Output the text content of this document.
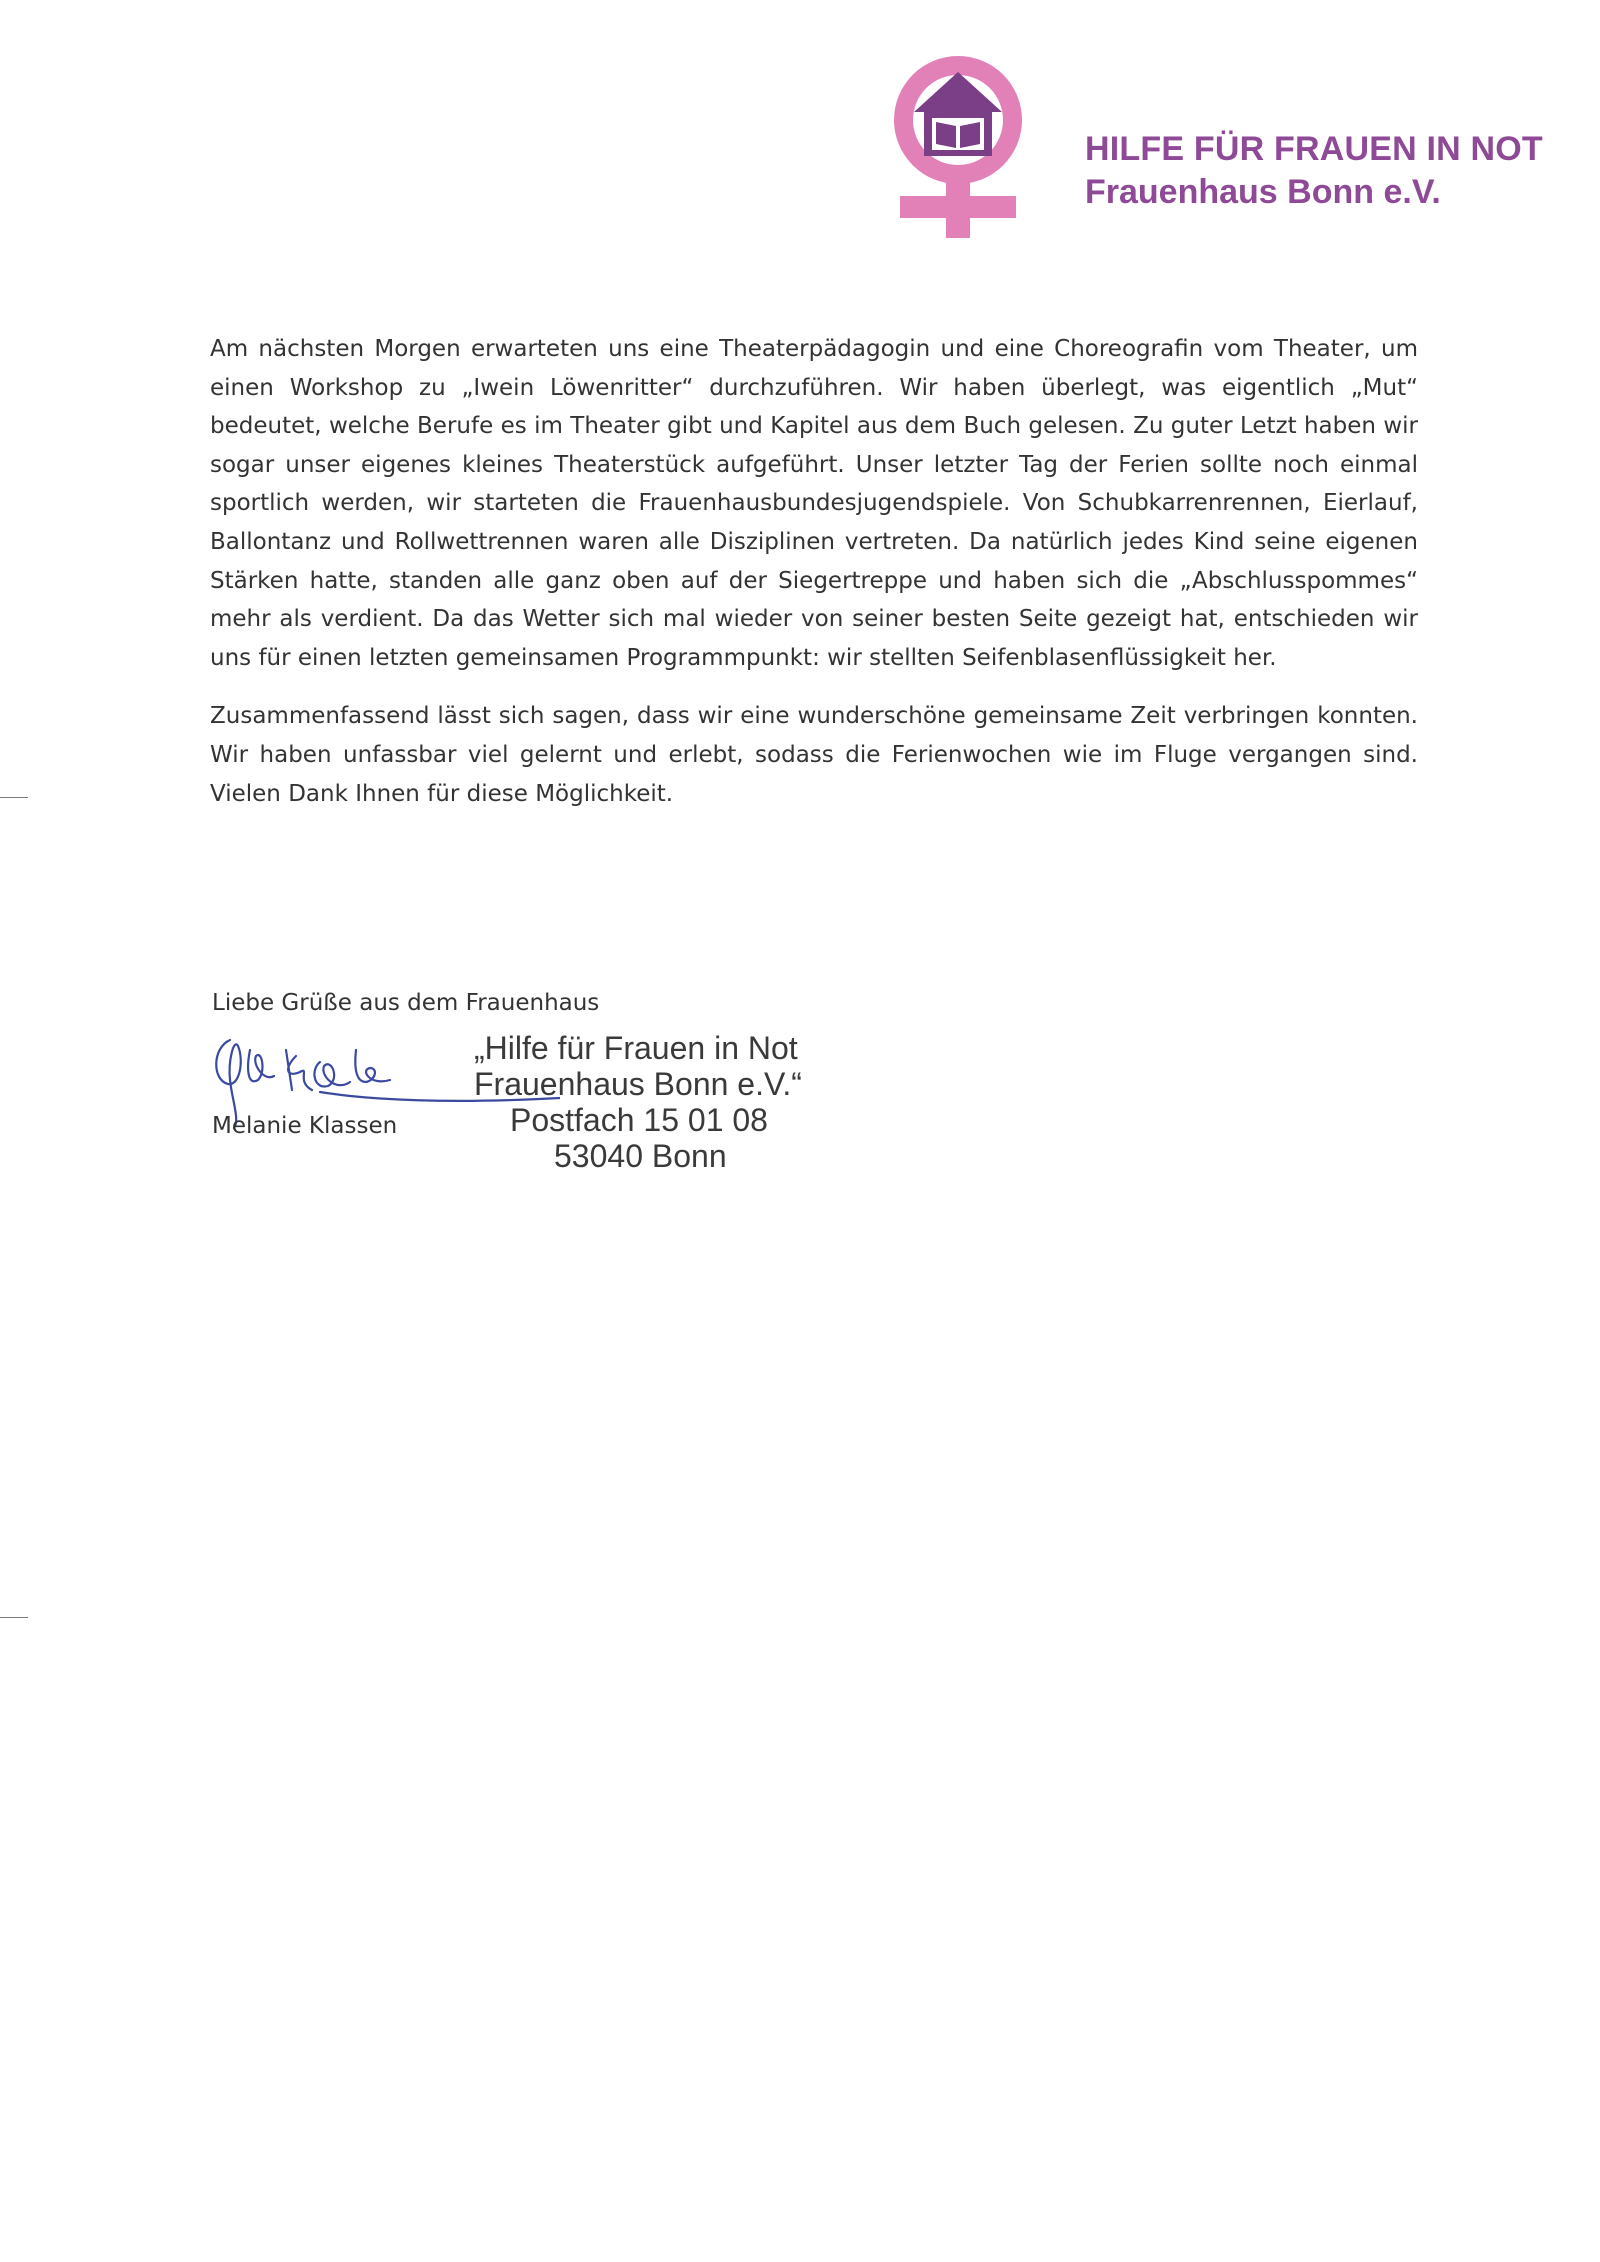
HILFE FÜR FRAUEN IN NOT
Frauenhaus Bonn e.V.

Am nächsten Morgen erwarteten uns eine Theaterpädagogin und eine Choreografin vom Theater, um einen Workshop zu „Iwein Löwenritter“ durchzuführen. Wir haben überlegt, was eigentlich „Mut“ bedeutet, welche Berufe es im Theater gibt und Kapitel aus dem Buch gelesen. Zu guter Letzt haben wir sogar unser eigenes kleines Theaterstück aufgeführt. Unser letzter Tag der Ferien sollte noch einmal sportlich werden, wir starteten die Frauenhausbundesjugendspiele. Von Schubkarrenrennen, Eierlauf, Ballontanz und Rollwettrennen waren alle Disziplinen vertreten. Da natürlich jedes Kind seine eigenen Stärken hatte, standen alle ganz oben auf der Siegertreppe und haben sich die „Abschlusspommes“ mehr als verdient. Da das Wetter sich mal wieder von seiner besten Seite gezeigt hat, entschieden wir uns für einen letzten gemeinsamen Programmpunkt: wir stellten Seifenblasenflüssigkeit her.

Zusammenfassend lässt sich sagen, dass wir eine wunderschöne gemeinsame Zeit verbringen konnten. Wir haben unfassbar viel gelernt und erlebt, sodass die Ferienwochen wie im Fluge vergangen sind. Vielen Dank Ihnen für diese Möglichkeit.

Liebe Grüße aus dem Frauenhaus
Melanie Klassen
„Hilfe für Frauen in Not
Frauenhaus Bonn e.V.“
Postfach 15 01 08
53040 Bonn
